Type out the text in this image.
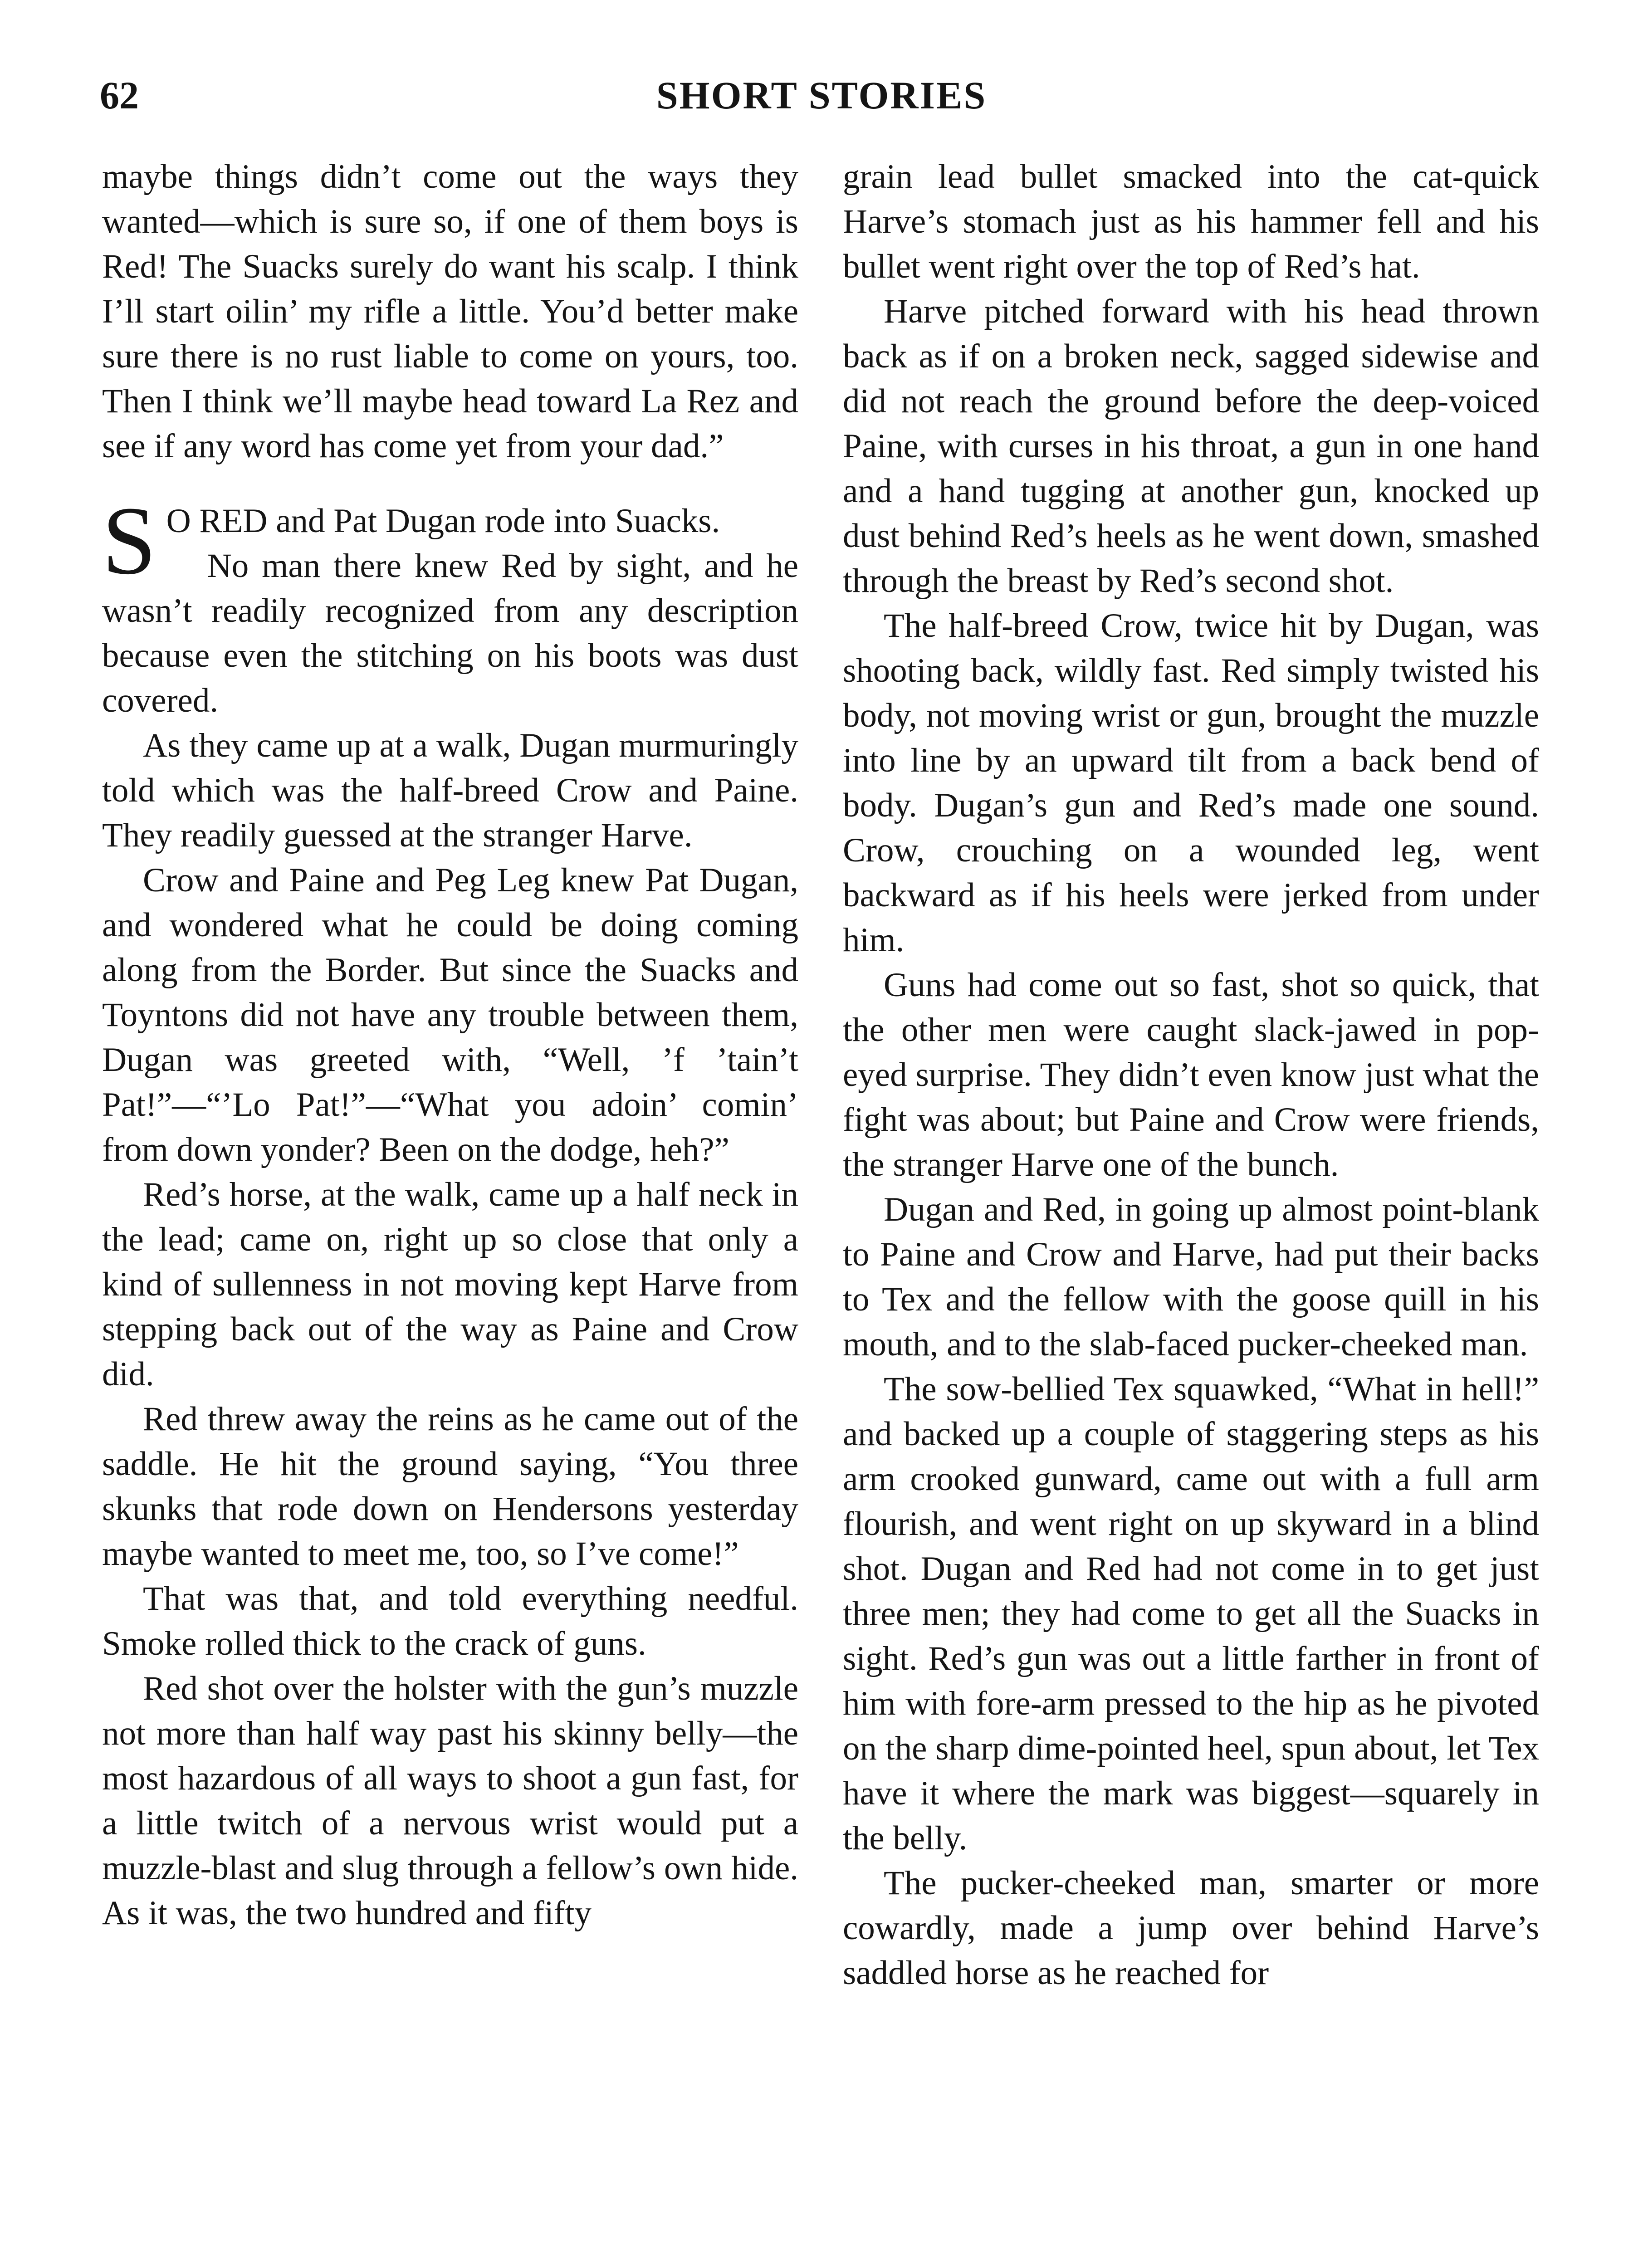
62	SHORT STORIES

maybe things didn’t come out the ways they wanted—which is sure so, if one of them boys is Red! The Suacks surely do want his scalp. I think I’ll start oilin’ my rifle a little. You’d better make sure there is no rust liable to come on yours, too. Then I think we’ll maybe head toward La Rez and see if any word has come yet from your dad.”

S O RED and Pat Dugan rode into Suacks.

No man there knew Red by sight, and he wasn’t readily recognized from any description because even the stitching on his boots was dust covered.

As they came up at a walk, Dugan murmuringly told which was the half-breed Crow and Paine. They readily guessed at the stranger Harve.

Crow and Paine and Peg Leg knew Pat Dugan, and wondered what he could be doing coming along from the Border. But since the Suacks and Toyntons did not have any trouble between them, Dugan was greeted with, “Well, ’f ’tain’t Pat!”—“’Lo Pat!”—“What you adoin’ comin’ from down yonder? Been on the dodge, heh?”

Red’s horse, at the walk, came up a half neck in the lead; came on, right up so close that only a kind of sullenness in not moving kept Harve from stepping back out of the way as Paine and Crow did.

Red threw away the reins as he came out of the saddle. He hit the ground saying, “You three skunks that rode down on Hendersons yesterday maybe wanted to meet me, too, so I’ve come!”

That was that, and told everything needful. Smoke rolled thick to the crack of guns.

Red shot over the holster with the gun’s muzzle not more than half way past his skinny belly—the most hazardous of all ways to shoot a gun fast, for a little twitch of a nervous wrist would put a muzzle-blast and slug through a fellow’s own hide. As it was, the two hundred and fifty

grain lead bullet smacked into the cat-quick Harve’s stomach just as his hammer fell and his bullet went right over the top of Red’s hat.

Harve pitched forward with his head thrown back as if on a broken neck, sagged sidewise and did not reach the ground before the deep-voiced Paine, with curses in his throat, a gun in one hand and a hand tugging at another gun, knocked up dust behind Red’s heels as he went down, smashed through the breast by Red’s second shot.

The half-breed Crow, twice hit by Dugan, was shooting back, wildly fast. Red simply twisted his body, not moving wrist or gun, brought the muzzle into line by an upward tilt from a back bend of body. Dugan’s gun and Red’s made one sound. Crow, crouching on a wounded leg, went backward as if his heels were jerked from under him.

Guns had come out so fast, shot so quick, that the other men were caught slack-jawed in pop-eyed surprise. They didn’t even know just what the fight was about; but Paine and Crow were friends, the stranger Harve one of the bunch.

Dugan and Red, in going up almost point-blank to Paine and Crow and Harve, had put their backs to Tex and the fellow with the goose quill in his mouth, and to the slab-faced pucker-cheeked man.

The sow-bellied Tex squawked, “What in hell!” and backed up a couple of staggering steps as his arm crooked gunward, came out with a full arm flourish, and went right on up skyward in a blind shot. Dugan and Red had not come in to get just three men; they had come to get all the Suacks in sight. Red’s gun was out a little farther in front of him with fore-arm pressed to the hip as he pivoted on the sharp dime-pointed heel, spun about, let Tex have it where the mark was biggest—squarely in the belly.

The pucker-cheeked man, smarter or more cowardly, made a jump over behind Harve’s saddled horse as he reached for
